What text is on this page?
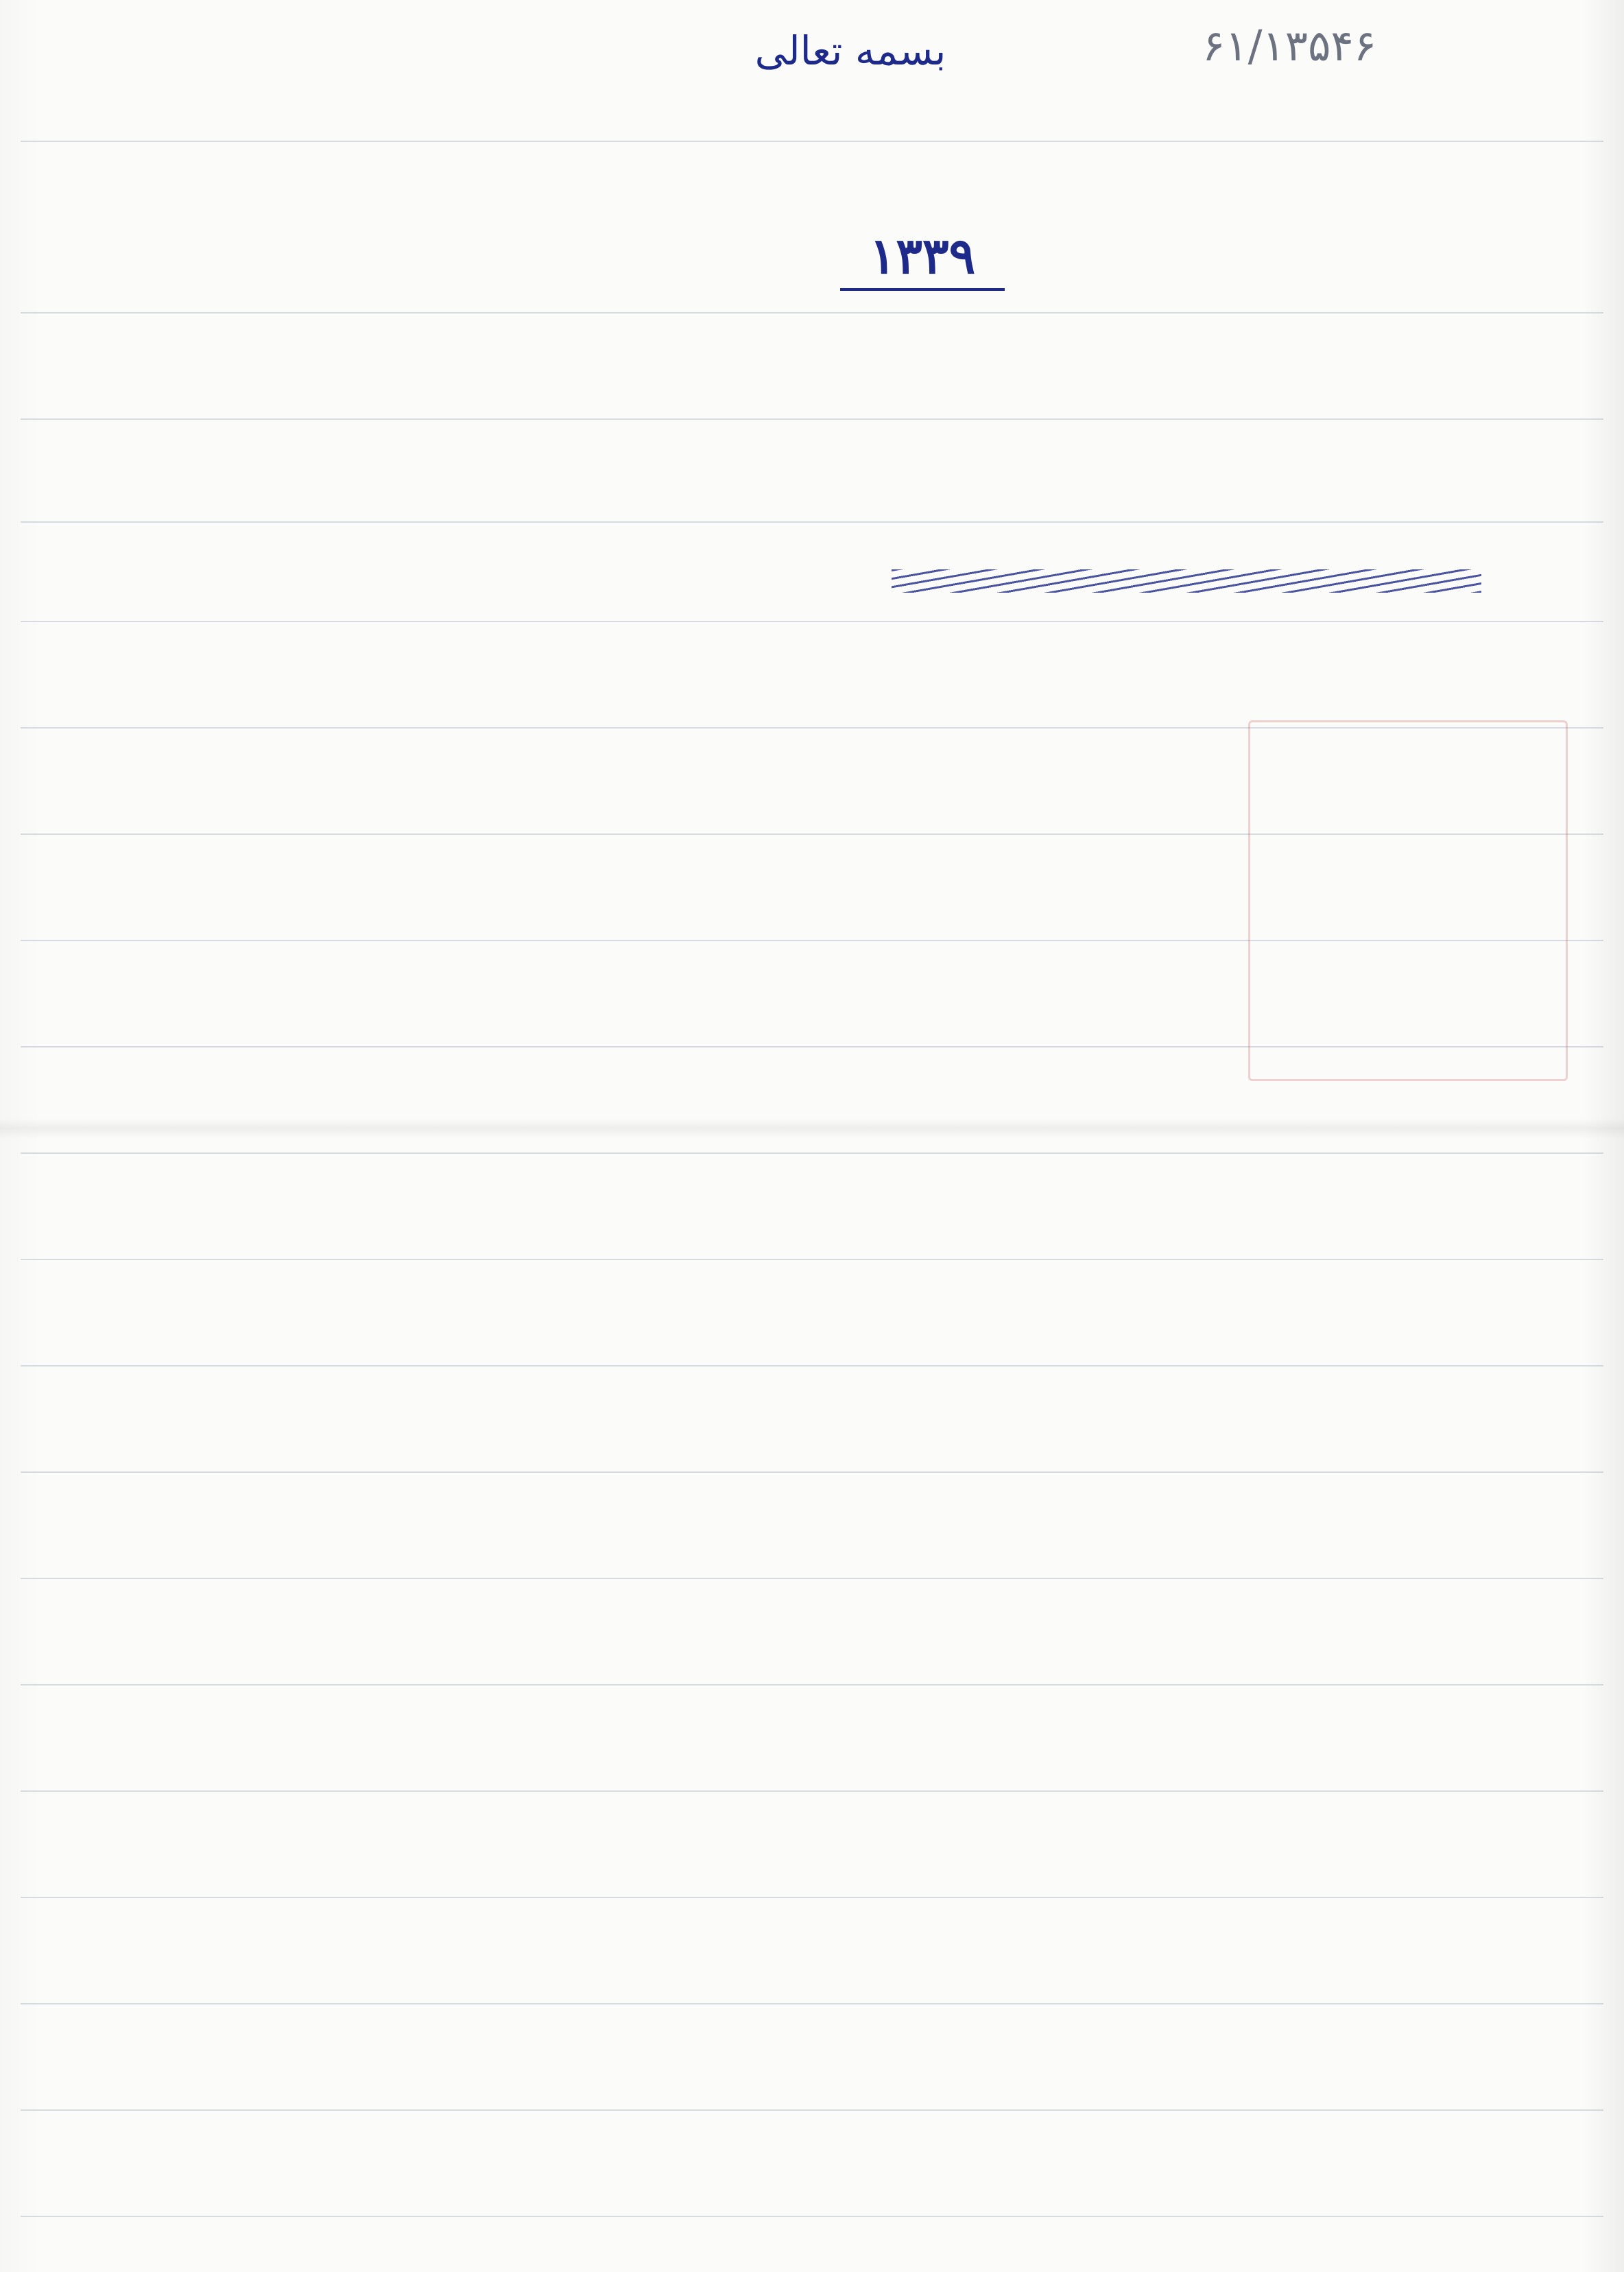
بسمه تعالی	۶۱/۱۳۵۴۶
۱۳۳۹
